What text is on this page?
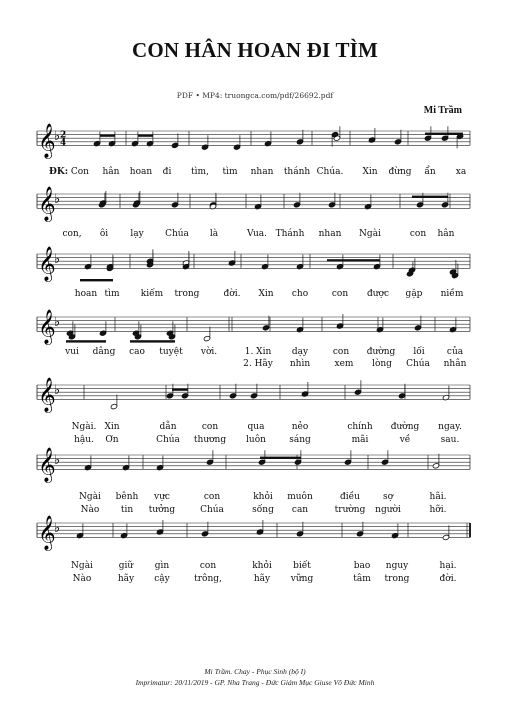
CON HÂN HOAN ĐI TÌM
PDF • MP4: truongca.com/pdf/26692.pdf
Mi Trầm
𝄞
♭ 2
4
𝄞
♭
𝄞
♭
𝄞
♭
𝄞
♭
𝄞
♭
𝄞
♭
ĐK: Con hân hoan đi tìm, tìm nhan thánh Chúa. Xin đừng ẩn xa
con, ôi lạy Chúa là	Vua. Thánh nhan Ngài	con hân
hoan tìm kiếm trong	đời. Xin cho	con được gặp niềm
vui dâng cao tuyệt vời.	1. Xin dạy	con đường lối của
2. Hãy nhìn	xem lòng Chúa nhân
Ngài. Xin	dẫn	con	qua	nẻo	chính đường ngay.
hậu. Ơn	Chúa thương luôn	sáng	mãi	về	sau.
Ngài bênh vực	con	khỏi muôn	điều	sợ	hãi.
Nào tin tưởng	Chúa	sống can	trường người	hỡi.
Ngài	giữ gìn	con	khỏi biết	bao nguy	hại.
Nào	hãy cậy	trông,	hãy vững	tâm trong	đời.
Mi Trầm. Chay - Phục Sinh (bộ I)
Imprimatur: 20/11/2019 - GP. Nha Trang - Đức Giám Mục Giuse Võ Đức Minh
